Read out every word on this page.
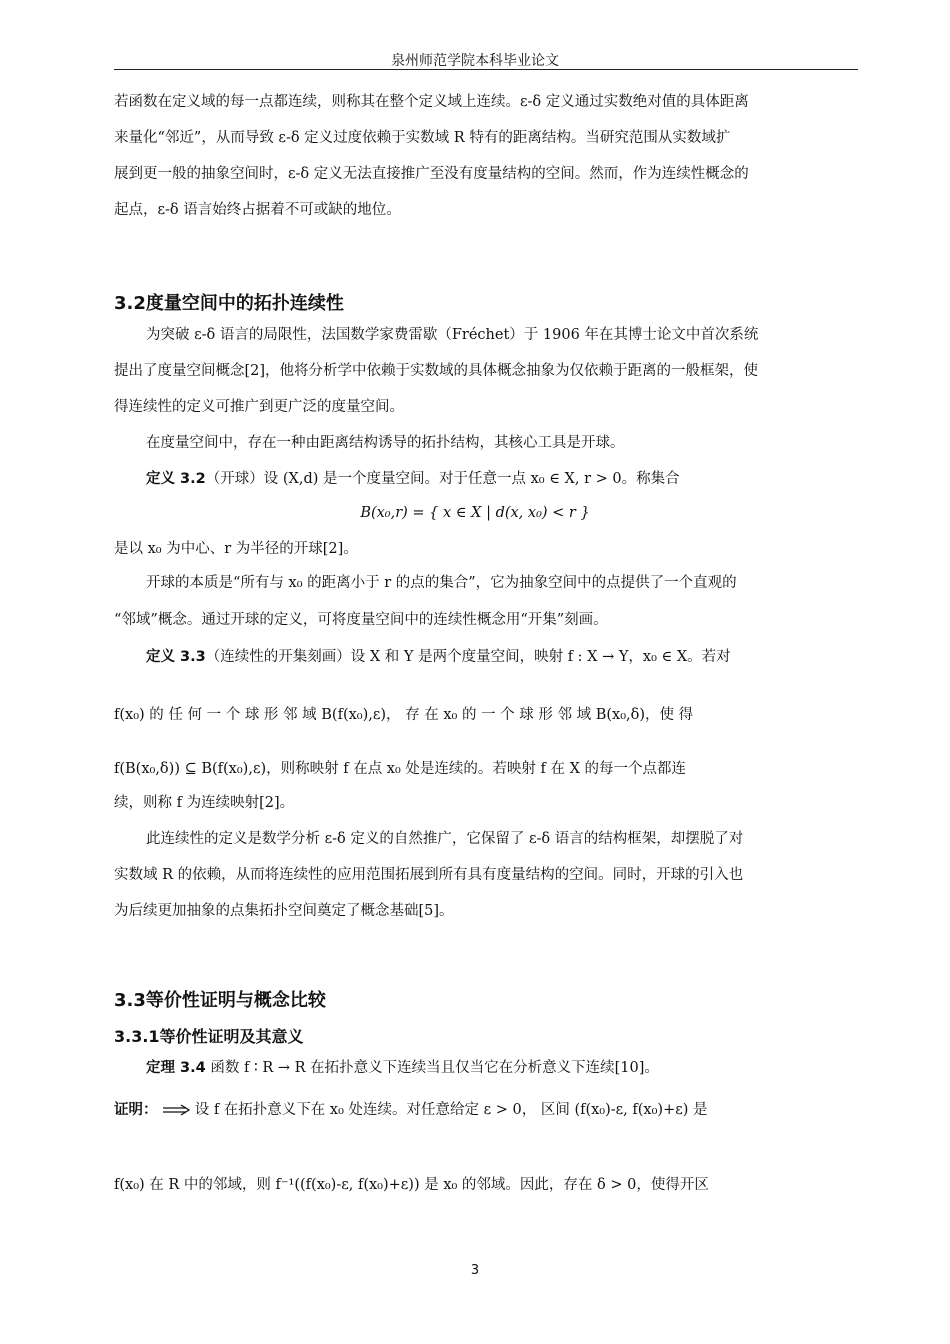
泉州师范学院本科毕业论文
若函数在定义域的每一点都连续，则称其在整个定义域上连续。ε-δ 定义通过实数绝对值的具体距离
来量化“邻近”，从而导致 ε-δ 定义过度依赖于实数域 R 特有的距离结构。当研究范围从实数域扩
展到更一般的抽象空间时，ε-δ 定义无法直接推广至没有度量结构的空间。然而，作为连续性概念的
起点，ε-δ 语言始终占据着不可或缺的地位。
3.2度量空间中的拓扑连续性
为突破 ε-δ 语言的局限性，法国数学家费雷歇（Fréchet）于 1906 年在其博士论文中首次系统
提出了度量空间概念[2]，他将分析学中依赖于实数域的具体概念抽象为仅依赖于距离的一般框架，使
得连续性的定义可推广到更广泛的度量空间。
在度量空间中，存在一种由距离结构诱导的拓扑结构，其核心工具是开球。
定义 3.2（开球）设 (X,d) 是一个度量空间。对于任意一点 x₀ ∈ X, r > 0。称集合
B(x₀,r) = { x ∈ X | d(x, x₀) < r }
是以 x₀ 为中心、r 为半径的开球[2]。
开球的本质是“所有与 x₀ 的距离小于 r 的点的集合”，它为抽象空间中的点提供了一个直观的
“邻域”概念。通过开球的定义，可将度量空间中的连续性概念用“开集”刻画。
定义 3.3（连续性的开集刻画）设 X 和 Y 是两个度量空间，映射 f : X → Y，x₀ ∈ X。若对
f(x₀) 的 任 何 一 个 球 形 邻 域 B(f(x₀),ε)， 存 在 x₀ 的 一 个 球 形 邻 域 B(x₀,δ)，使 得
f(B(x₀,δ)) ⊆ B(f(x₀),ε)，则称映射 f 在点 x₀ 处是连续的。若映射 f 在 X 的每一个点都连
续，则称 f 为连续映射[2]。
此连续性的定义是数学分析 ε-δ 定义的自然推广，它保留了 ε-δ 语言的结构框架，却摆脱了对
实数域 R 的依赖，从而将连续性的应用范围拓展到所有具有度量结构的空间。同时，开球的引入也
为后续更加抽象的点集拓扑空间奠定了概念基础[5]。
3.3等价性证明与概念比较
3.3.1等价性证明及其意义
定理 3.4 函数 f ∶ R → R 在拓扑意义下连续当且仅当它在分析意义下连续[10]。
证明：	设 f 在拓扑意义下在 x₀ 处连续。对任意给定 ε > 0， 区间 (f(x₀)-ε, f(x₀)+ε) 是
f(x₀) 在 R 中的邻域，则 f⁻¹((f(x₀)-ε, f(x₀)+ε)) 是 x₀ 的邻域。因此，存在 δ > 0，使得开区
3
